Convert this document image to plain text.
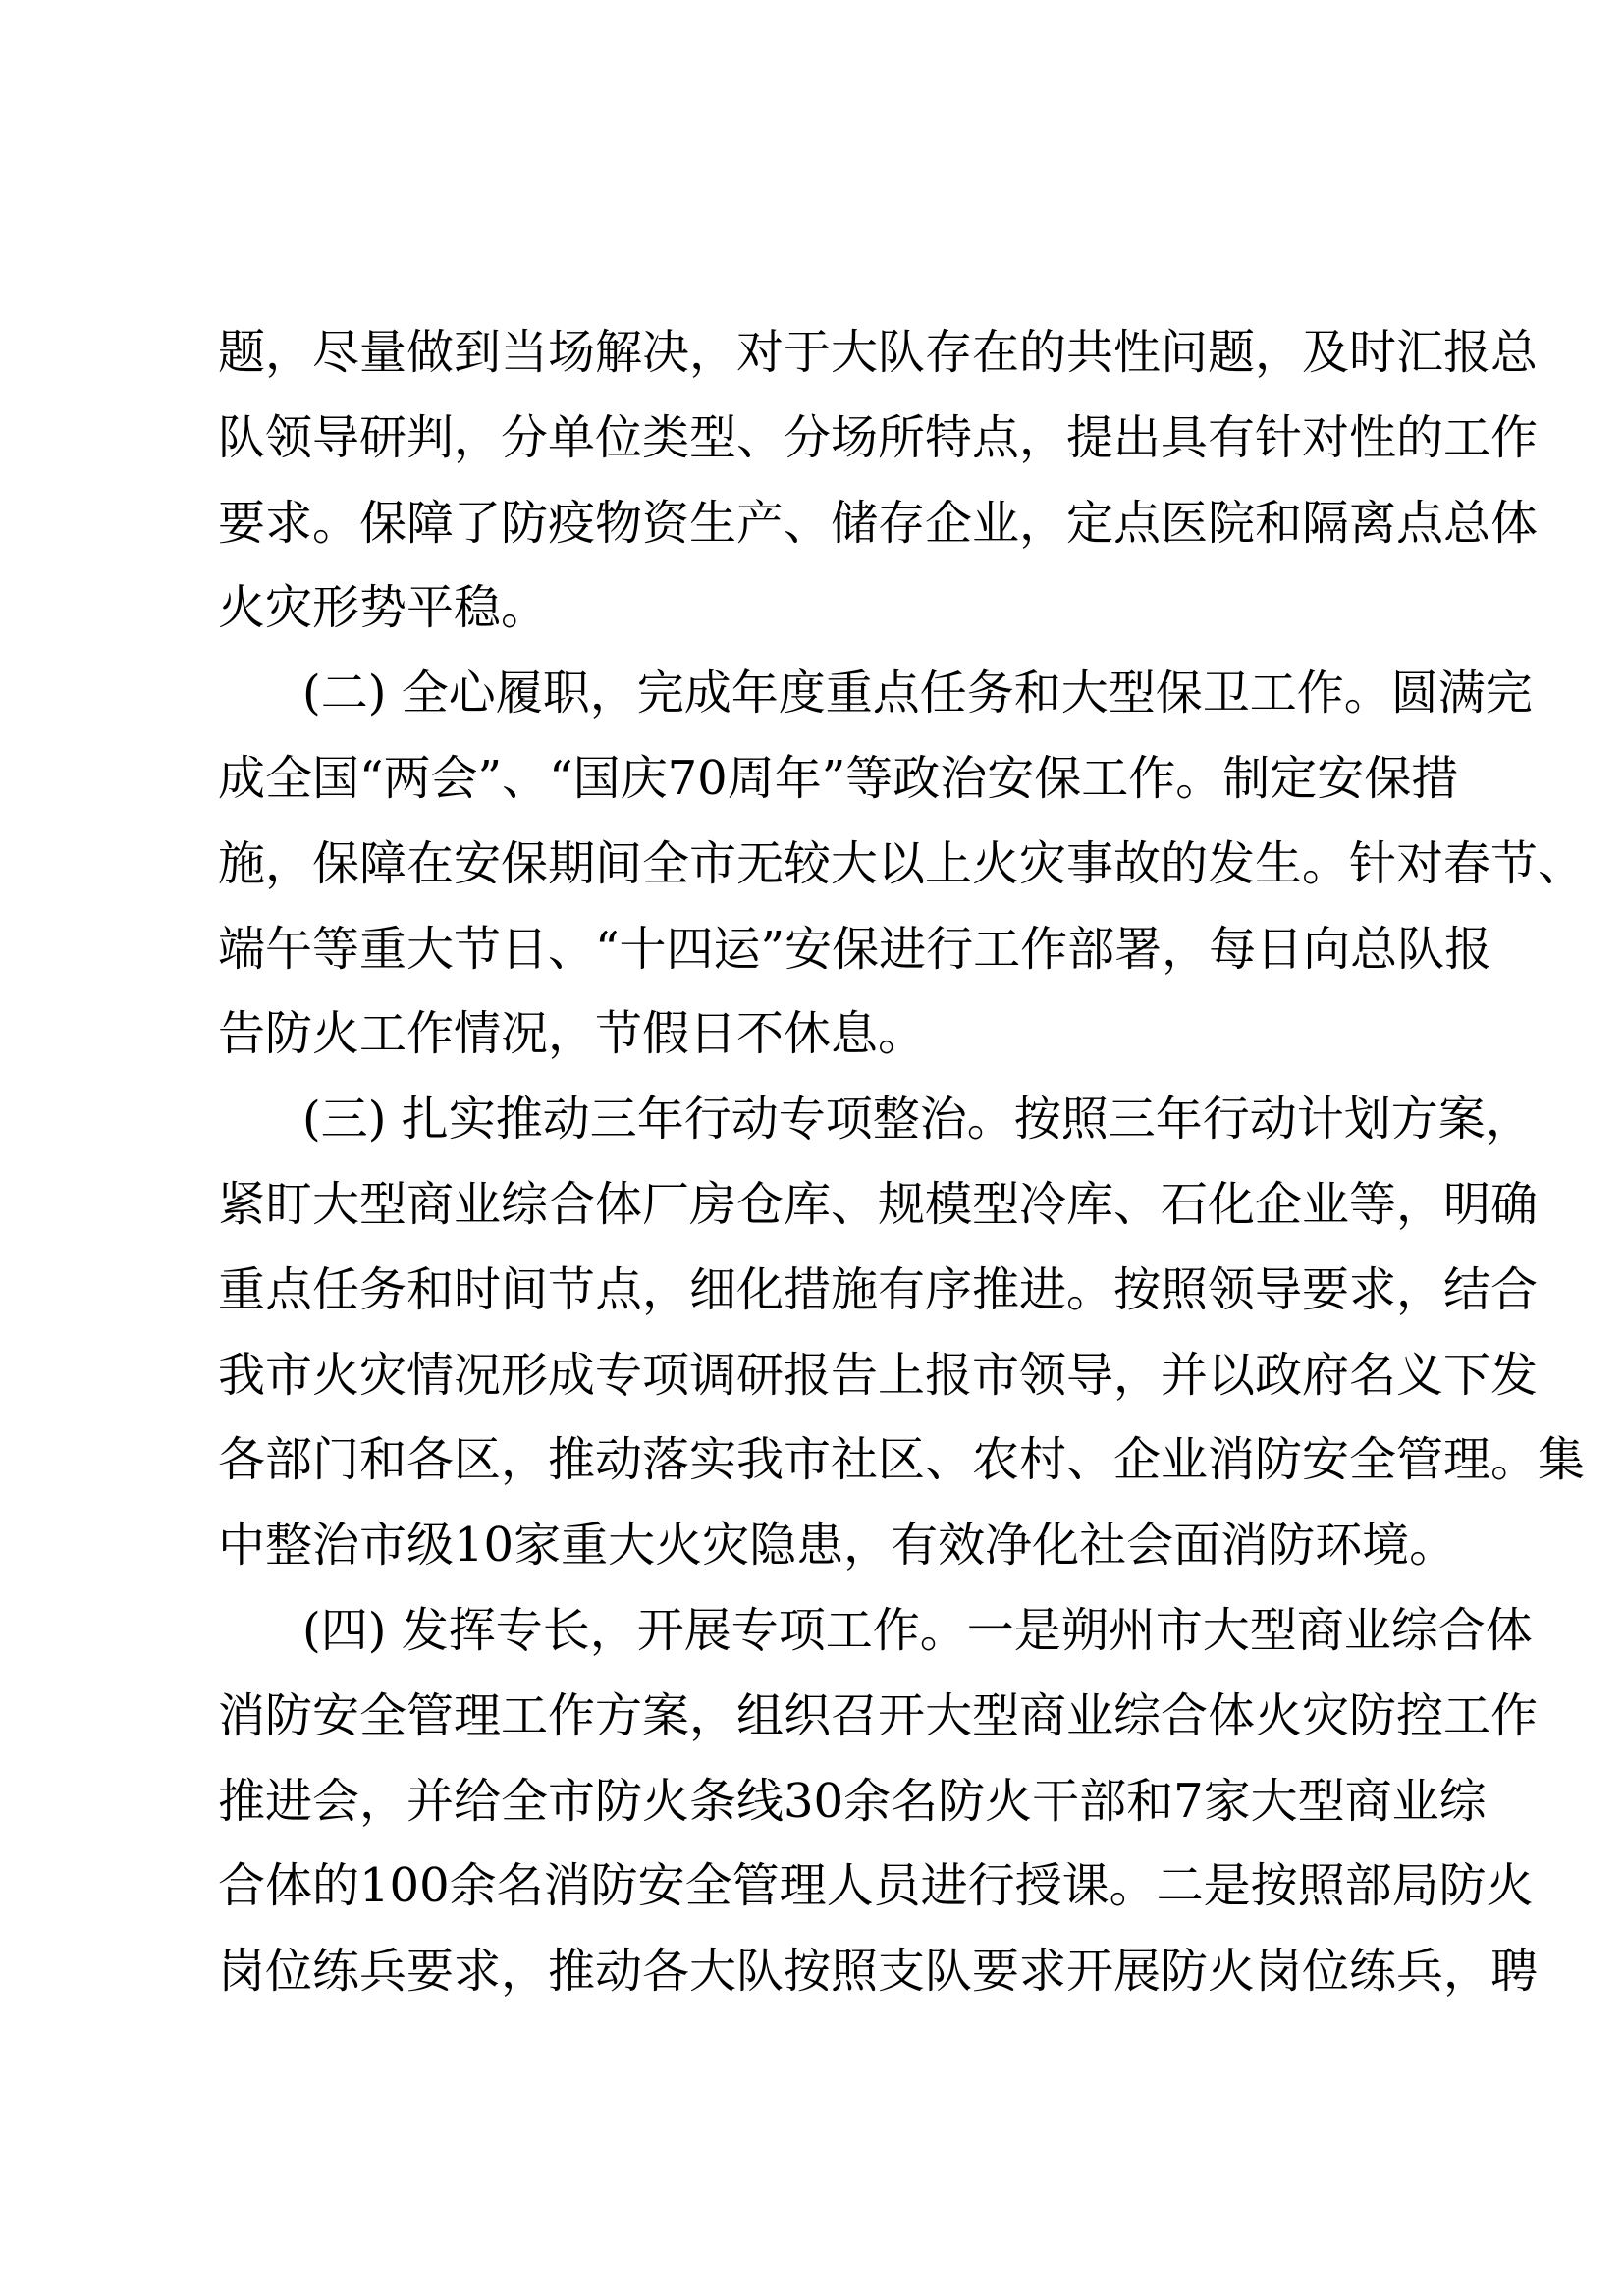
题，尽量做到当场解决，对于大队存在的共性问题，及时汇报总
队领导研判，分单位类型、分场所特点，提出具有针对性的工作
要求。保障了防疫物资生产、储存企业，定点医院和隔离点总体
火灾形势平稳。
(二) 全心履职，完成年度重点任务和大型保卫工作。圆满完
成全国“两会”、“国庆70周年”等政治安保工作。制定安保措
施，保障在安保期间全市无较大以上火灾事故的发生。针对春节、
端午等重大节日、“十四运”安保进行工作部署，每日向总队报
告防火工作情况，节假日不休息。
(三) 扎实推动三年行动专项整治。按照三年行动计划方案，
紧盯大型商业综合体厂房仓库、规模型冷库、石化企业等，明确
重点任务和时间节点，细化措施有序推进。按照领导要求，结合
我市火灾情况形成专项调研报告上报市领导，并以政府名义下发
各部门和各区，推动落实我市社区、农村、企业消防安全管理。集
中整治市级10家重大火灾隐患，有效净化社会面消防环境。
(四) 发挥专长，开展专项工作。一是朔州市大型商业综合体
消防安全管理工作方案，组织召开大型商业综合体火灾防控工作
推进会，并给全市防火条线30余名防火干部和7家大型商业综
合体的100余名消防安全管理人员进行授课。二是按照部局防火
岗位练兵要求，推动各大队按照支队要求开展防火岗位练兵，聘
